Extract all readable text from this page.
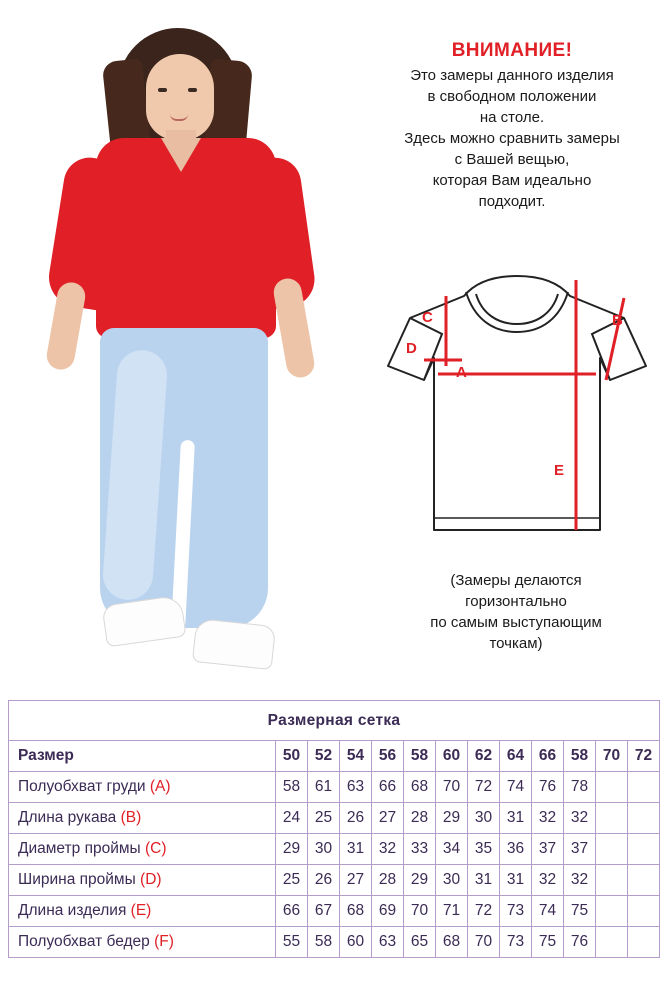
ВНИМАНИЕ!

Это замеры данного изделия

в свободном положении

на столе.

Здесь можно сравнить замеры

с Вашей вещью,

которая Вам идеально

подходит.

A
B
C
D
E

(Замеры делаются

горизонтально

по самым выступающим

точкам)

Размерная сетка												
Размер	50	52	54	56	58	60	62	64	66	58	70	72
Полуобхват груди (A)	58	61	63	66	68	70	72	74	76	78		
Длина рукава (B)	24	25	26	27	28	29	30	31	32	32		
Диаметр проймы (C)	29	30	31	32	33	34	35	36	37	37		
Ширина проймы (D)	25	26	27	28	29	30	31	31	32	32		
Длина изделия (E)	66	67	68	69	70	71	72	73	74	75		
Полуобхват бедер (F)	55	58	60	63	65	68	70	73	75	76		
